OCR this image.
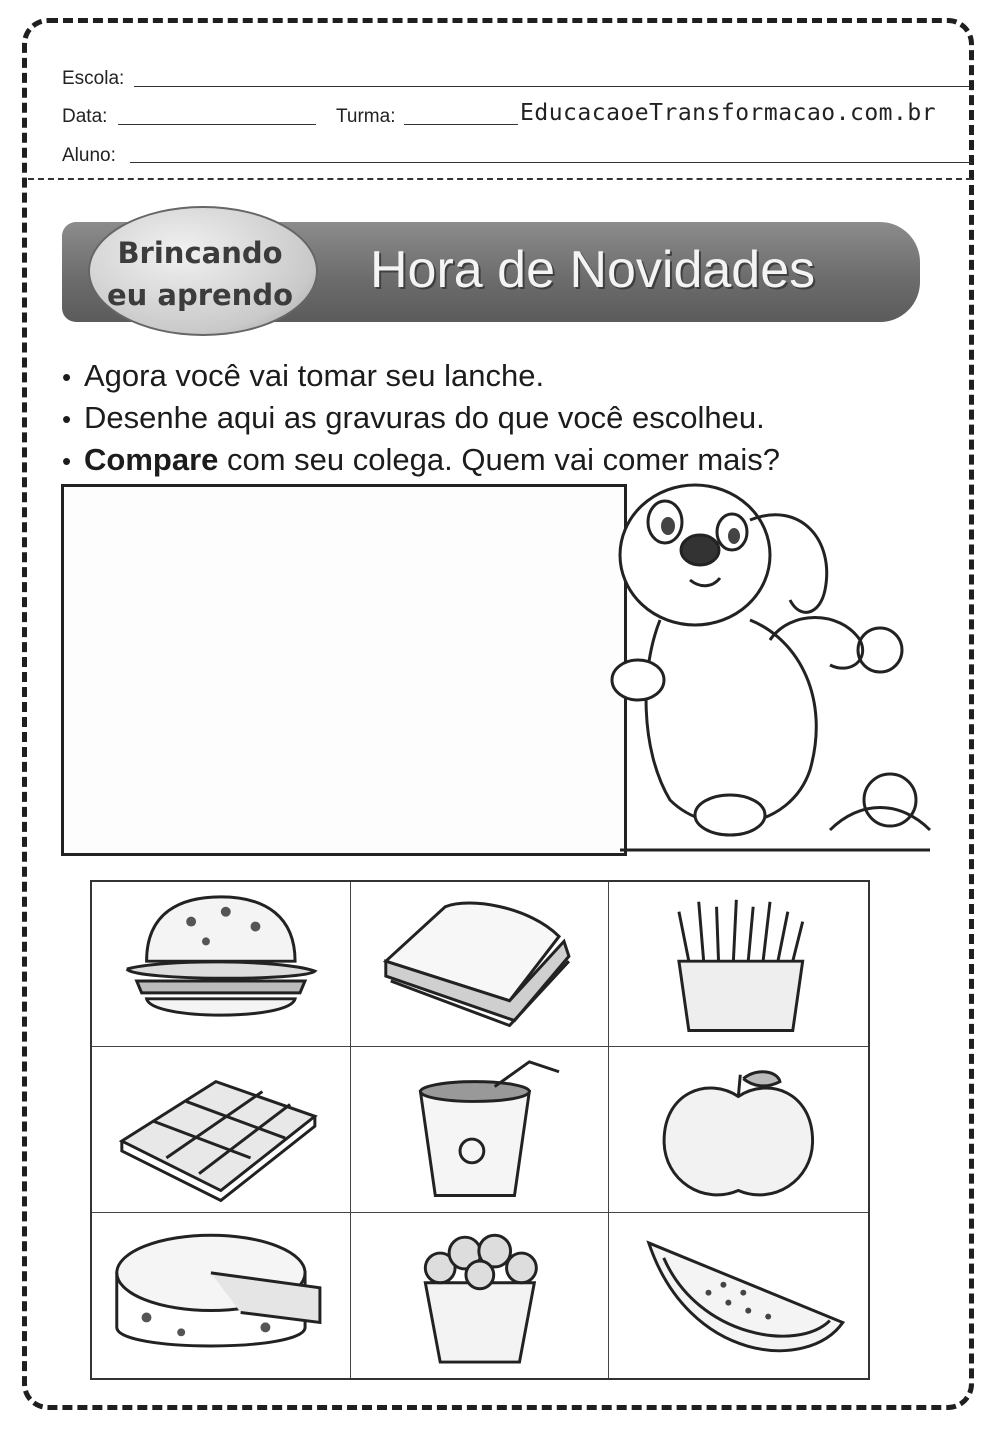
Escola:
Data:	Turma:	EducacaoeTransformacao.com.br
Aluno:
Brincando
eu aprendo Hora de Novidades
• Agora você vai tomar seu lanche.
• Desenhe aqui as gravuras do que você escolheu.
• Compare com seu colega. Quem vai comer mais?
